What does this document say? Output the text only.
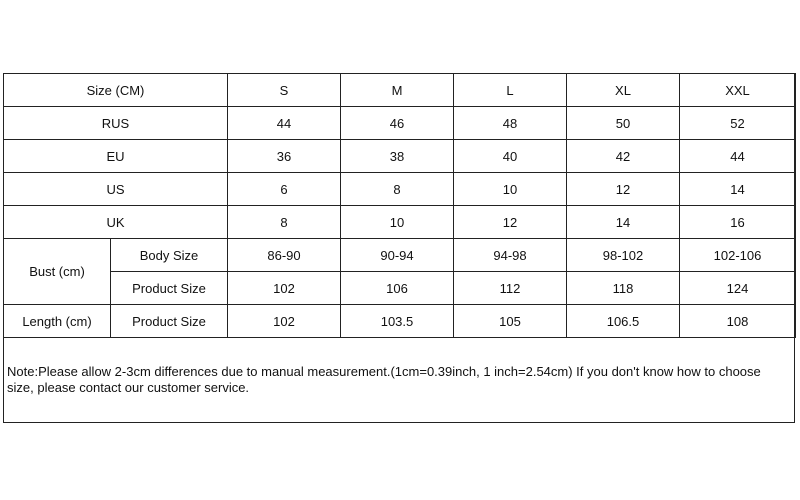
Size (CM)		S	M	L	XL	XXL
RUS		44	46	48	50	52
EU		36	38	40	42	44
US		6	8	10	12	14
UK		8	10	12	14	16
Bust (cm)	Body Size	86-90	90-94	94-98	98-102	102-106
	Product Size	102	106	112	118	124
Length (cm)	Product Size	102	103.5	105	106.5	108
Note:Please allow 2-3cm differences due to manual measurement.(1cm=0.39inch, 1 inch=2.54cm) If you don't know how to choose size, please contact our customer service.
